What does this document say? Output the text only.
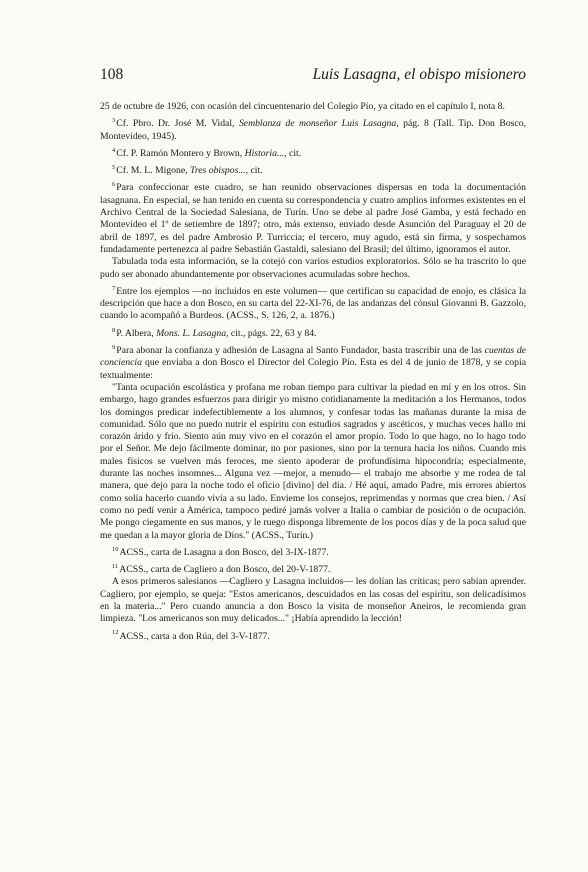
108	Luis Lasagna, el obispo misionero

25 de octubre de 1926, con ocasión del cincuentenario del Colegio Pío, ya citado en el capítulo I, nota 8.

$^3$Cf. Pbro. Dr. José M. Vidal, Semblanza de monseñor Luis Lasagna, pág. 8 (Tall. Tip. Don Bosco, Montevideo, 1945).

$^4$Cf. P. Ramón Montero y Brown, Historia..., cit.

$^5$Cf. M. L. Migone, Tres obispos..., cit.

$^6$Para confeccionar este cuadro, se han reunido observaciones dispersas en toda la documentación lasagnana. En especial, se han tenido en cuenta su correspondencia y cuatro amplios informes existentes en el Archivo Central de la Sociedad Salesiana, de Turín. Uno se debe al padre José Gamba, y está fechado en Montevideo el 1º de setiembre de 1897; otro, más extenso, enviado desde Asunción del Paraguay el 20 de abril de 1897, es del padre Ambrosio P. Turriccia; el tercero, muy agudo, está sin firma, y sospechamos fundadamente pertenezca al padre Sebastián Gastaldi, salesiano del Brasil; del último, ignoramos el autor.

Tabulada toda esta información, se la cotejó con varios estudios exploratorios. Sólo se ha trascrito lo que pudo ser abonado abundantemente por observaciones acumuladas sobre hechos.

$^7$Entre los ejemplos —no incluidos en este volumen— que certifican su capacidad de enojo, es clásica la descripción que hace a don Bosco, en su carta del 22-XI-76, de las andanzas del cónsul Giovanni B. Gazzolo, cuando lo acompañó a Burdeos. (ACSS., S. 126, 2, a. 1876.)

$^8$P. Albera, Mons. L. Lasagna, cit., págs. 22, 63 y 84.

$^9$Para abonar la confianza y adhesión de Lasagna al Santo Fundador, basta trascribir una de las cuentas de conciencia que enviaba a don Bosco el Director del Colegio Pío. Esta es del 4 de junio de 1878, y se copia textualmente:

"Tanta ocupación escolástica y profana me roban tiempo para cultivar la piedad en mí y en los otros. Sin embargo, hago grandes esfuerzos para dirigir yo mismo cotidianamente la meditación a los Hermanos, todos los domingos predicar indefectiblemente a los alumnos, y confesar todas las mañanas durante la misa de comunidad. Sólo que no puedo nutrir el espíritu con estudios sagrados y ascéticos, y muchas veces hallo mi corazón árido y frío. Siento aún muy vivo en el corazón el amor propio. Todo lo que hago, no lo hago todo por el Señor. Me dejo fácilmente dominar, no por pasiones, sino por la ternura hacia los niños. Cuando mis males físicos se vuelven más feroces, me siento apoderar de profundísima hipocondría; especialmente, durante las noches insomnes... Alguna vez —mejor, a menudo— el trabajo me absorbe y me rodea de tal manera, que dejo para la noche todo el oficio [divino] del día. / Hé aquí, amado Padre, mis errores abiertos como solía hacerlo cuando vivía a su lado. Envíeme los consejos, reprimendas y normas que crea bien. / Así como no pedí venir a América, tampoco pediré jamás volver a Italia o cambiar de posición o de ocupación. Me pongo ciegamente en sus manos, y le ruego disponga libremente de los pocos días y de la poca salud que me quedan a la mayor gloria de Dios." (ACSS., Turín.)

$^{10}$ACSS., carta de Lasagna a don Bosco, del 3-IX-1877.

$^{11}$ACSS., carta de Cagliero a don Bosco, del 20-V-1877.

A esos primeros salesianos —Cagliero y Lasagna incluidos— les dolían las críticas; pero sabían aprender. Cagliero, por ejemplo, se queja: "Estos americanos, descuidados en las cosas del espíritu, son delicadísimos en la materia..." Pero cuando anuncia a don Bosco la visita de monseñor Aneiros, le recomienda gran limpieza. "Los americanos son muy delicados..." ¡Había aprendido la lección!

$^{12}$ACSS., carta a don Rúa, del 3-V-1877.
